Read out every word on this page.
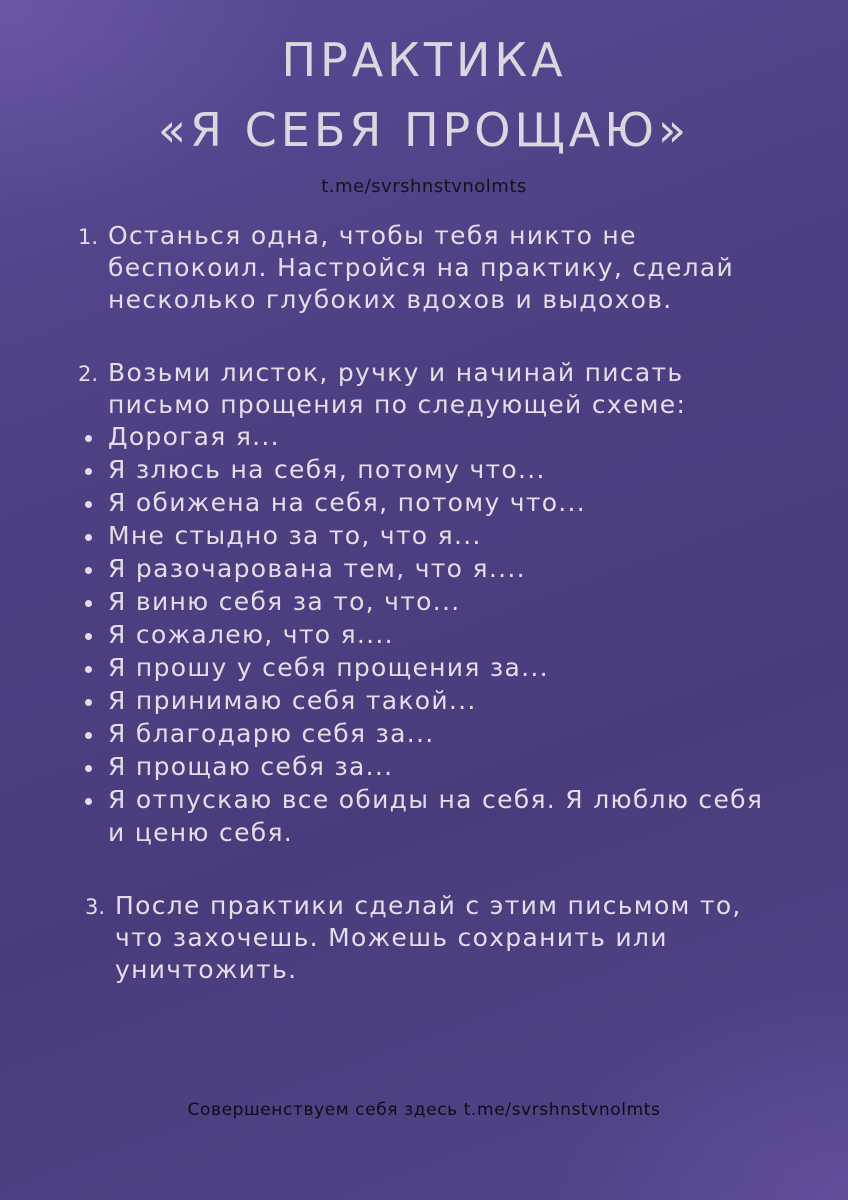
ПРАКТИКА
«Я СЕБЯ ПРОЩАЮ»
t.me/svrshnstvnolmts
1. Останься одна, чтобы тебя никто не
беспокоил. Настройся на практику, сделай
несколько глубоких вдохов и выдохов.
2. Возьми листок, ручку и начинай писать
письмо прощения по следующей схеме:
Дорогая я...
Я злюсь на себя, потому что...
Я обижена на себя, потому что...
Мне стыдно за то, что я...
Я разочарована тем, что я....
Я виню себя за то, что...
Я сожалею, что я....
Я прошу у себя прощения за...
Я принимаю себя такой...
Я благодарю себя за...
Я прощаю себя за...
Я отпускаю все обиды на себя. Я люблю себя
и ценю себя.
3. После практики сделай с этим письмом то,
что захочешь. Можешь сохранить или
уничтожить.
Совершенствуем себя здесь t.me/svrshnstvnolmts
